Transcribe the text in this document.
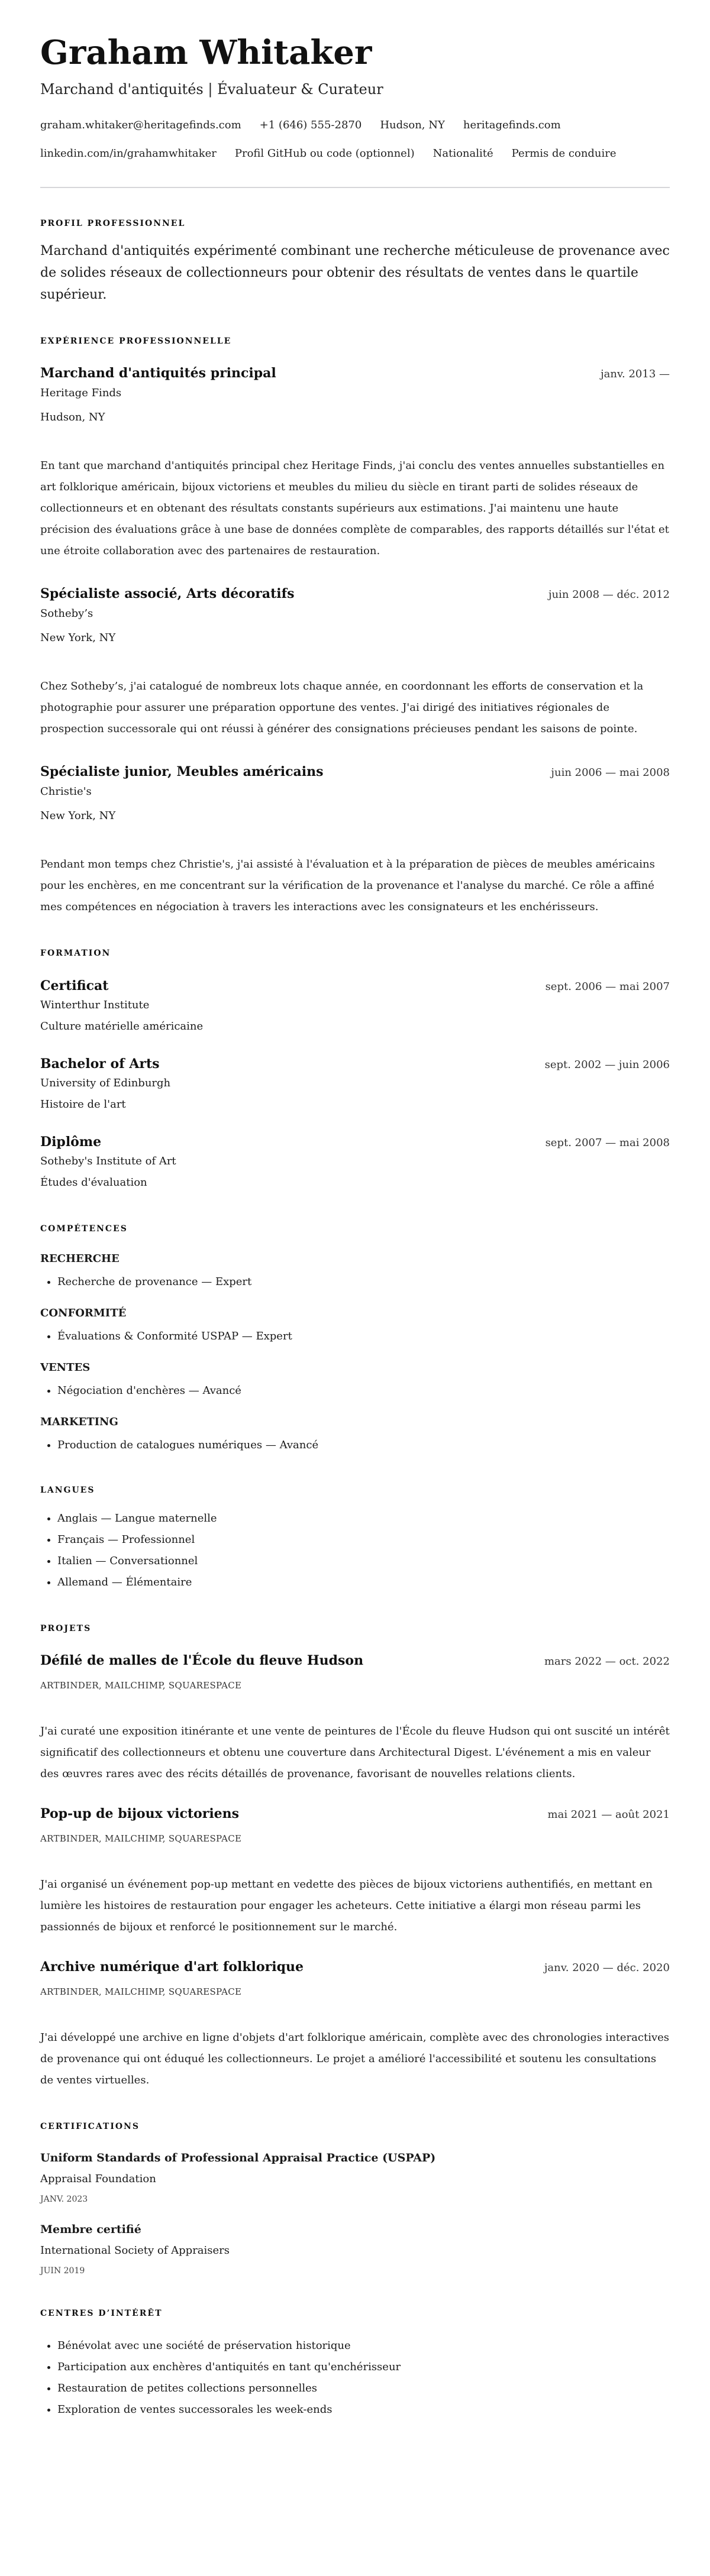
Graham Whitaker
Marchand d'antiquités | Évaluateur & Curateur
graham.whitaker@heritagefinds.com +1 (646) 555-2870 Hudson, NY heritagefinds.com
linkedin.com/in/grahamwhitaker Profil GitHub ou code (optionnel) Nationalité Permis de conduire
PROFIL PROFESSIONNEL
Marchand d'antiquités expérimenté combinant une recherche méticuleuse de provenance avec de solides réseaux de collectionneurs pour obtenir des résultats de ventes dans le quartile supérieur.
EXPÉRIENCE PROFESSIONNELLE
Marchand d'antiquités principal	janv. 2013 —
Heritage Finds
Hudson, NY
En tant que marchand d'antiquités principal chez Heritage Finds, j'ai conclu des ventes annuelles substantielles en art folklorique américain, bijoux victoriens et meubles du milieu du siècle en tirant parti de solides réseaux de collectionneurs et en obtenant des résultats constants supérieurs aux estimations. J'ai maintenu une haute précision des évaluations grâce à une base de données complète de comparables, des rapports détaillés sur l'état et une étroite collaboration avec des partenaires de restauration.
Spécialiste associé, Arts décoratifs	juin 2008 — déc. 2012
Sotheby’s
New York, NY
Chez Sotheby’s, j'ai catalogué de nombreux lots chaque année, en coordonnant les efforts de conservation et la photographie pour assurer une préparation opportune des ventes. J'ai dirigé des initiatives régionales de prospection successorale qui ont réussi à générer des consignations précieuses pendant les saisons de pointe.
Spécialiste junior, Meubles américains	juin 2006 — mai 2008
Christie's
New York, NY
Pendant mon temps chez Christie's, j'ai assisté à l'évaluation et à la préparation de pièces de meubles américains pour les enchères, en me concentrant sur la vérification de la provenance et l'analyse du marché. Ce rôle a affiné mes compétences en négociation à travers les interactions avec les consignateurs et les enchérisseurs.
FORMATION
Certificat	sept. 2006 — mai 2007
Winterthur Institute
Culture matérielle américaine
Bachelor of Arts	sept. 2002 — juin 2006
University of Edinburgh
Histoire de l'art
Diplôme	sept. 2007 — mai 2008
Sotheby's Institute of Art
Études d'évaluation
COMPÉTENCES
RECHERCHE
• Recherche de provenance — Expert
CONFORMITÉ
• Évaluations & Conformité USPAP — Expert
VENTES
• Négociation d'enchères — Avancé
MARKETING
• Production de catalogues numériques — Avancé
LANGUES
• Anglais — Langue maternelle
• Français — Professionnel
• Italien — Conversationnel
• Allemand — Élémentaire
PROJETS
Défilé de malles de l'École du fleuve Hudson	mars 2022 — oct. 2022
ARTBINDER, MAILCHIMP, SQUARESPACE
J'ai curaté une exposition itinérante et une vente de peintures de l'École du fleuve Hudson qui ont suscité un intérêt significatif des collectionneurs et obtenu une couverture dans Architectural Digest. L'événement a mis en valeur des œuvres rares avec des récits détaillés de provenance, favorisant de nouvelles relations clients.
Pop-up de bijoux victoriens	mai 2021 — août 2021
ARTBINDER, MAILCHIMP, SQUARESPACE
J'ai organisé un événement pop-up mettant en vedette des pièces de bijoux victoriens authentifiés, en mettant en lumière les histoires de restauration pour engager les acheteurs. Cette initiative a élargi mon réseau parmi les passionnés de bijoux et renforcé le positionnement sur le marché.
Archive numérique d'art folklorique	janv. 2020 — déc. 2020
ARTBINDER, MAILCHIMP, SQUARESPACE
J'ai développé une archive en ligne d'objets d'art folklorique américain, complète avec des chronologies interactives de provenance qui ont éduqué les collectionneurs. Le projet a amélioré l'accessibilité et soutenu les consultations de ventes virtuelles.
CERTIFICATIONS
Uniform Standards of Professional Appraisal Practice (USPAP)
Appraisal Foundation
JANV. 2023
Membre certifié
International Society of Appraisers
JUIN 2019
CENTRES D’INTÉRÊT
• Bénévolat avec une société de préservation historique
• Participation aux enchères d'antiquités en tant qu'enchérisseur
• Restauration de petites collections personnelles
• Exploration de ventes successorales les week-ends
